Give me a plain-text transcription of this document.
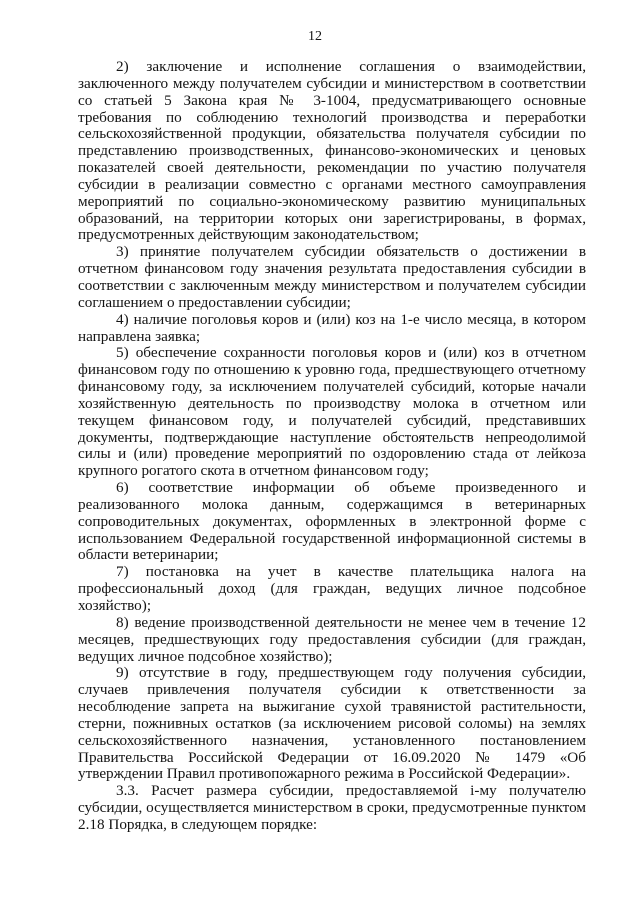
12

2) заключение и исполнение соглашения о взаимодействии, заключенного между получателем субсидии и министерством в соответствии со статьей 5 Закона края № 3-1004, предусматривающего основные требования по соблюдению технологий производства и переработки сельскохозяйственной продукции, обязательства получателя субсидии по представлению производственных, финансово-экономических и ценовых показателей своей деятельности, рекомендации по участию получателя субсидии в реализации совместно с органами местного самоуправления мероприятий по социально-экономическому развитию муниципальных образований, на территории которых они зарегистрированы, в формах, предусмотренных действующим законодательством;

3) принятие получателем субсидии обязательств о достижении в отчетном финансовом году значения результата предоставления субсидии в соответствии с заключенным между министерством и получателем субсидии соглашением о предоставлении субсидии;

4) наличие поголовья коров и (или) коз на 1-е число месяца, в котором направлена заявка;

5) обеспечение сохранности поголовья коров и (или) коз в отчетном финансовом году по отношению к уровню года, предшествующего отчетному финансовому году, за исключением получателей субсидий, которые начали хозяйственную деятельность по производству молока в отчетном или текущем финансовом году, и получателей субсидий, представивших документы, подтверждающие наступление обстоятельств непреодолимой силы и (или) проведение мероприятий по оздоровлению стада от лейкоза крупного рогатого скота в отчетном финансовом году;

6) соответствие информации об объеме произведенного и реализованного молока данным, содержащимся в ветеринарных сопроводительных документах, оформленных в электронной форме с использованием Федеральной государственной информационной системы в области ветеринарии;

7) постановка на учет в качестве плательщика налога на профессиональный доход (для граждан, ведущих личное подсобное хозяйство);

8) ведение производственной деятельности не менее чем в течение 12 месяцев, предшествующих году предоставления субсидии (для граждан, ведущих личное подсобное хозяйство);

9) отсутствие в году, предшествующем году получения субсидии, случаев привлечения получателя субсидии к ответственности за несоблюдение запрета на выжигание сухой травянистой растительности, стерни, пожнивных остатков (за исключением рисовой соломы) на землях сельскохозяйственного назначения, установленного постановлением Правительства Российской Федерации от 16.09.2020 № 1479 «Об утверждении Правил противопожарного режима в Российской Федерации».

3.3. Расчет размера субсидии, предоставляемой i-му получателю субсидии, осуществляется министерством в сроки, предусмотренные пунктом 2.18 Порядка, в следующем порядке:
